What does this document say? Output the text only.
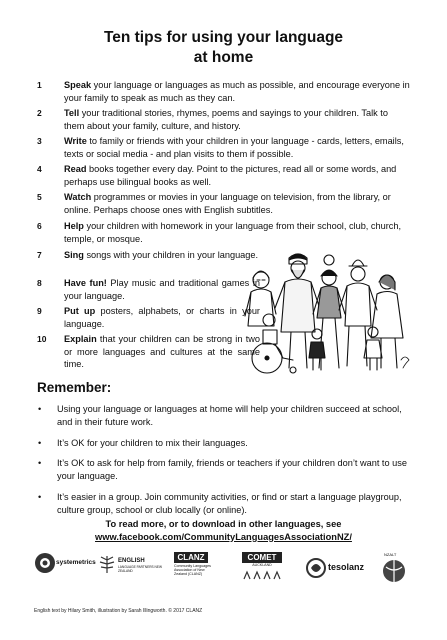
Ten tips for using your language
at home
1	Speak your language or languages as much as possible, and encourage everyone in your family to speak as much as they can.
2	Tell your traditional stories, rhymes, poems and sayings to your children. Talk to them about your family, culture, and history.
3	Write to family or friends with your children in your language - cards, letters, emails, texts or social media - and plan visits to them if possible.
4	Read books together every day. Point to the pictures, read all or some words, and perhaps use bilingual books as well.
5	Watch programmes or movies in your language on television, from the library, or online. Perhaps choose ones with English subtitles.
6	Help your children with homework in your language from their school, club, church, temple, or mosque.
7	Sing songs with your children in your language.
8	Have fun! Play music and traditional games in your language.
9	Put up posters, alphabets, or charts in your language.
10	Explain that your children can be strong in two or more languages and cultures at the same time.
Remember:
• Using your language or languages at home will help your children succeed at school, and in their future work.
• It’s OK for your children to mix their languages.
• It’s OK to ask for help from family, friends or teachers if your children don’t want to use your language.
• It’s easier in a group. Join community activities, or find or start a language playgroup, culture group, school or club locally (or online).
To read more, or to download in other languages, see
www.facebook.com/CommunityLanguagesAssociationNZ/
systemetrics	ENGLISH
LANGUAGE PARTNERS NEW ZEALAND
CLANZ
Community Languages
Association of New
Zealand (CLANZ)
COMET
AUCKLAND	tesolanz
NZALT
English text by Hilary Smith, illustration by Sarah Illingworth. © 2017 CLANZ
